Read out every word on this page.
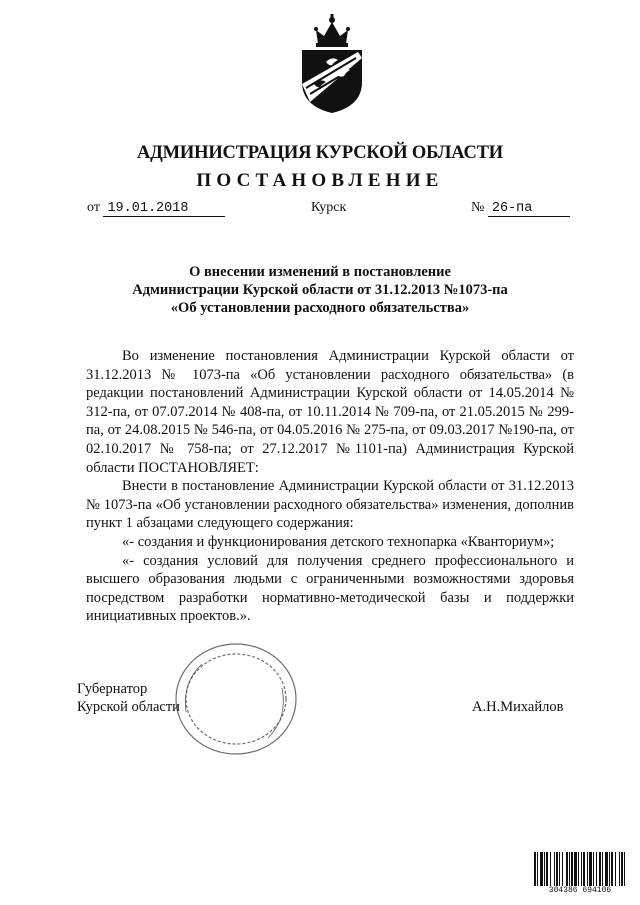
АДМИНИСТРАЦИЯ КУРСКОЙ ОБЛАСТИ
ПОСТАНОВЛЕНИЕ
от 19.01.2018	Курск	№ 26-па
О внесении изменений в постановление
Администрации Курской области от 31.12.2013 №1073-па
«Об установлении расходного обязательства»

Во изменение постановления Администрации Курской области от 31.12.2013 № 1073-па «Об установлении расходного обязательства» (в редакции постановлений Администрации Курской области от 14.05.2014 № 312-па, от 07.07.2014 № 408-па, от 10.11.2014 № 709-па, от 21.05.2015 № 299-па, от 24.08.2015 № 546-па, от 04.05.2016 № 275-па, от 09.03.2017 №190-па, от 02.10.2017 № 758-па; от 27.12.2017 №1101-па) Администрация Курской области ПОСТАНОВЛЯЕТ:

Внести в постановление Администрации Курской области от 31.12.2013 № 1073-па «Об установлении расходного обязательства» изменения, дополнив пункт 1 абзацами следующего содержания:

«- создания и функционирования детского технопарка «Кванториум»;

«- создания условий для получения среднего профессионального и высшего образования людьми с ограниченными возможностями здоровья посредством разработки нормативно-методической базы и поддержки инициативных проектов.».

Губернатор
Курской области	А.Н.Михайлов
304386 694106
